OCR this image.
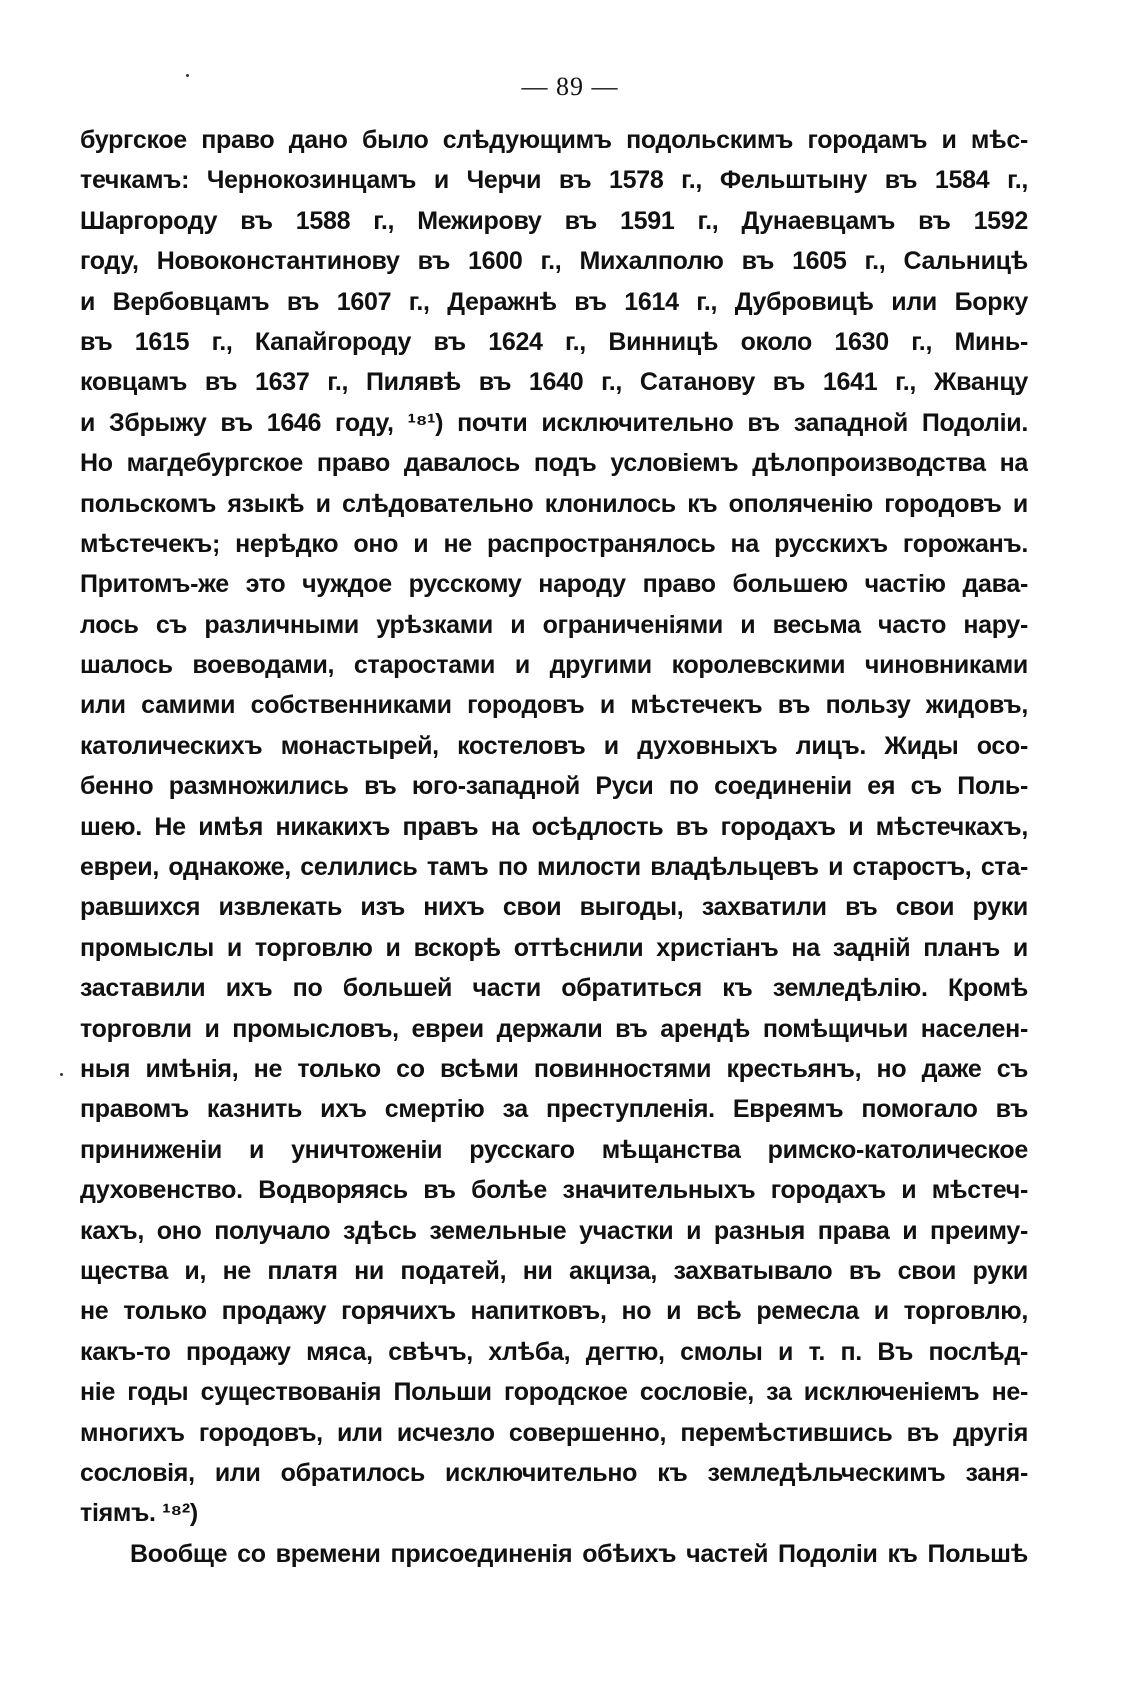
— 89 —
бургское право дано было слѣдующимъ подольскимъ городамъ и мѣс-
течкамъ: Чернокозинцамъ и Черчи въ 1578 г., Фельштыну въ 1584 г.,
Шаргороду въ 1588 г., Межирову въ 1591 г., Дунаевцамъ въ 1592
году, Новоконстантинову въ 1600 г., Михалполю въ 1605 г., Сальницѣ
и Вербовцамъ въ 1607 г., Деражнѣ въ 1614 г., Дубровицѣ или Борку
въ 1615 г., Капайгороду въ 1624 г., Винницѣ около 1630 г., Минь-
ковцамъ въ 1637 г., Пилявѣ въ 1640 г., Сатанову въ 1641 г., Жванцу
и Збрыжу въ 1646 году, ¹⁸¹) почти исключительно въ западной Подоліи.
Но магдебургское право давалось подъ условіемъ дѣлопроизводства на
польскомъ языкѣ и слѣдовательно клонилось къ ополяченію городовъ и
мѣстечекъ; нерѣдко оно и не распространялось на русскихъ горожанъ.
Притомъ-же это чуждое русскому народу право большею частію дава-
лось съ различными урѣзками и ограниченіями и весьма часто нару-
шалось воеводами, старостами и другими королевскими чиновниками
или самими собственниками городовъ и мѣстечекъ въ пользу жидовъ,
католическихъ монастырей, костеловъ и духовныхъ лицъ. Жиды осо-
бенно размножились въ юго-западной Руси по соединеніи ея съ Поль-
шею. Не имѣя никакихъ правъ на осѣдлость въ городахъ и мѣстечкахъ,
евреи, однакоже, селились тамъ по милости владѣльцевъ и старостъ, ста-
равшихся извлекать изъ нихъ свои выгоды, захватили въ свои руки
промыслы и торговлю и вскорѣ оттѣснили христіанъ на задній планъ и
заставили ихъ по большей части обратиться къ земледѣлію. Кромѣ
торговли и промысловъ, евреи держали въ арендѣ помѣщичьи населен-
ныя имѣнія, не только со всѣми повинностями крестьянъ, но даже съ
правомъ казнить ихъ смертію за преступленія. Евреямъ помогало въ
приниженіи и уничтоженіи русскаго мѣщанства римско-католическое
духовенство. Водворяясь въ болѣе значительныхъ городахъ и мѣстеч-
кахъ, оно получало здѣсь земельные участки и разныя права и преиму-
щества и, не платя ни податей, ни акциза, захватывало въ свои руки
не только продажу горячихъ напитковъ, но и всѣ ремесла и торговлю,
какъ-то продажу мяса, свѣчъ, хлѣба, дегтю, смолы и т. п. Въ послѣд-
ніе годы существованія Польши городское сословіе, за исключеніемъ не-
многихъ городовъ, или исчезло совершенно, перемѣстившись въ другія
сословія, или обратилось исключительно къ земледѣльческимъ заня-
тіямъ. ¹⁸²)
Вообще со времени присоединенія обѣихъ частей Подоліи къ Польшѣ
